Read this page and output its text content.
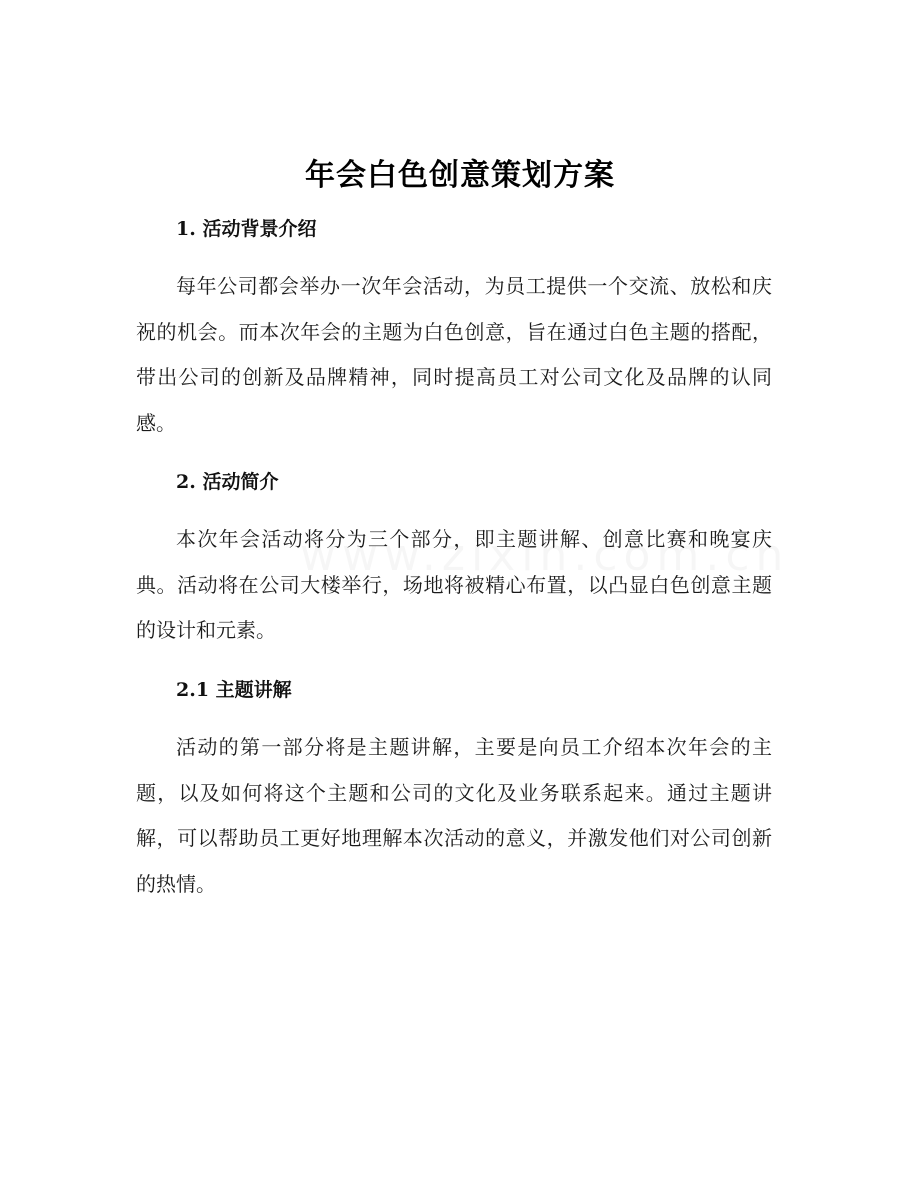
年会白色创意策划方案
1. 活动背景介绍

每年公司都会举办一次年会活动，为员工提供一个交流、放松和庆祝的机会。而本次年会的主题为白色创意，旨在通过白色主题的搭配，带出公司的创新及品牌精神，同时提高员工对公司文化及品牌的认同感。

2. 活动简介

本次年会活动将分为三个部分，即主题讲解、创意比赛和晚宴庆典。活动将在公司大楼举行，场地将被精心布置，以凸显白色创意主题的设计和元素。

2.1 主题讲解

活动的第一部分将是主题讲解，主要是向员工介绍本次年会的主题，以及如何将这个主题和公司的文化及业务联系起来。通过主题讲解，可以帮助员工更好地理解本次活动的意义，并激发他们对公司创新的热情。
